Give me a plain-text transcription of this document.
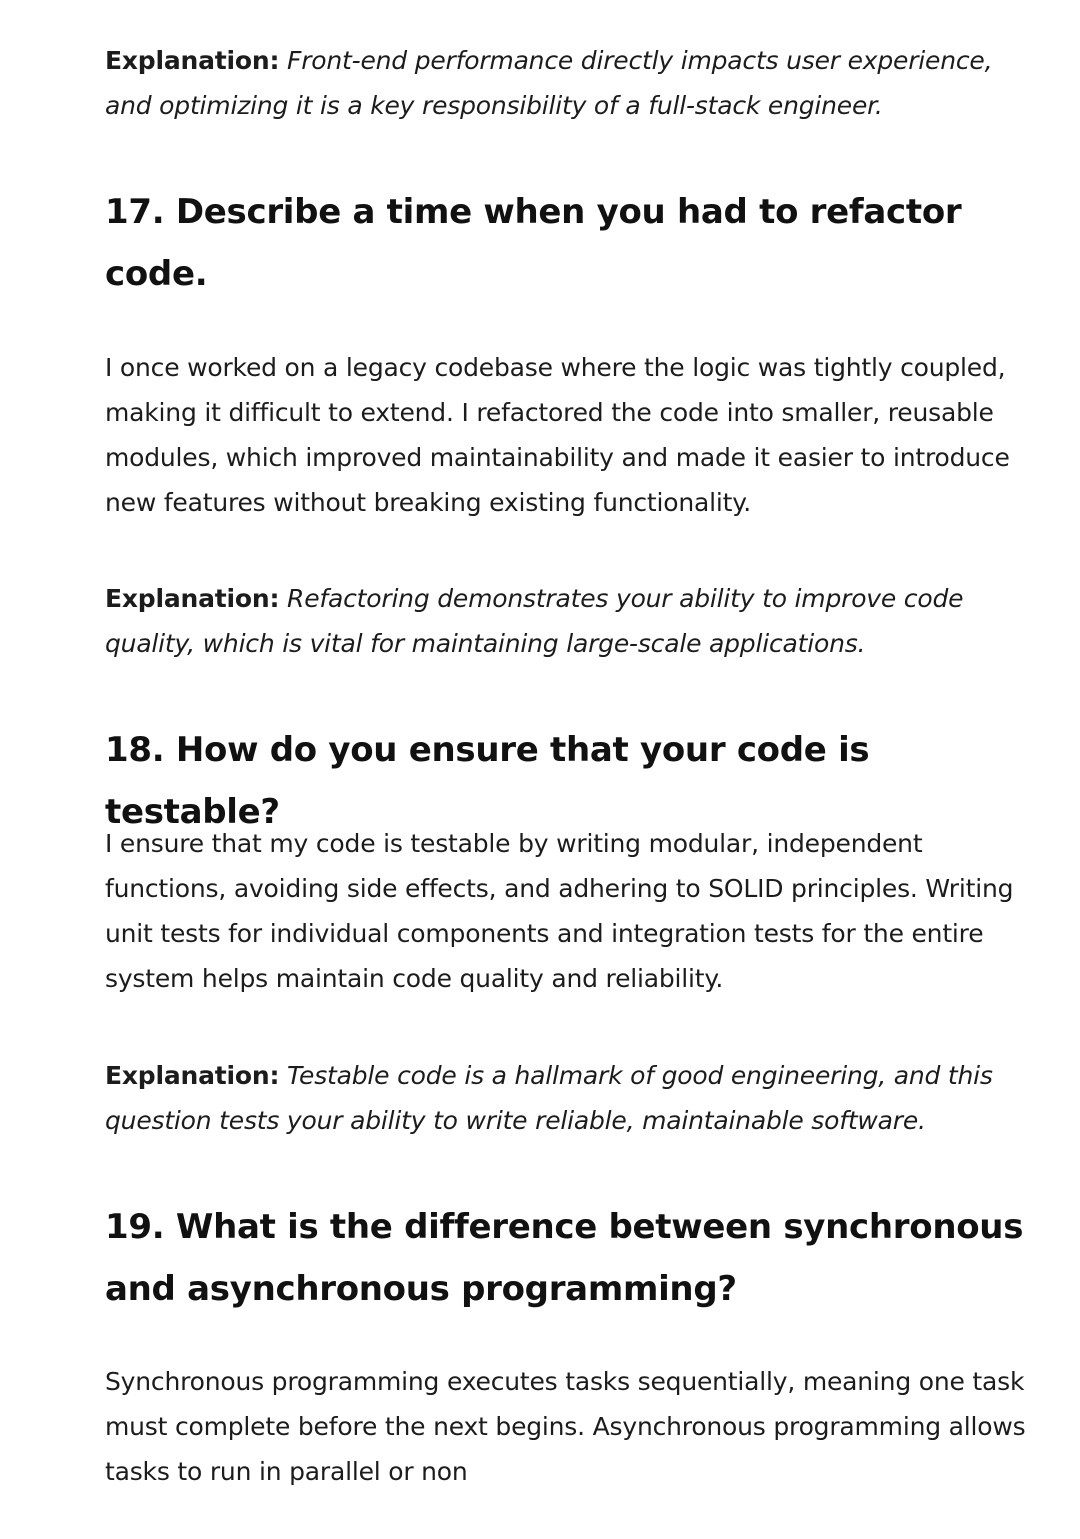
Explanation: Front-end performance directly impacts user experience, and optimizing it is a key responsibility of a full-stack engineer.
17. Describe a time when you had to refactor code.

I once worked on a legacy codebase where the logic was tightly coupled, making it difficult to extend. I refactored the code into smaller, reusable modules, which improved maintainability and made it easier to introduce new features without breaking existing functionality.

Explanation: Refactoring demonstrates your ability to improve code quality, which is vital for maintaining large-scale applications.
18. How do you ensure that your code is testable?

I ensure that my code is testable by writing modular, independent functions, avoiding side effects, and adhering to SOLID principles. Writing unit tests for individual components and integration tests for the entire system helps maintain code quality and reliability.

Explanation: Testable code is a hallmark of good engineering, and this question tests your ability to write reliable, maintainable software.
19. What is the difference between synchronous and asynchronous programming?

Synchronous programming executes tasks sequentially, meaning one task must complete before the next begins. Asynchronous programming allows tasks to run in parallel or non
